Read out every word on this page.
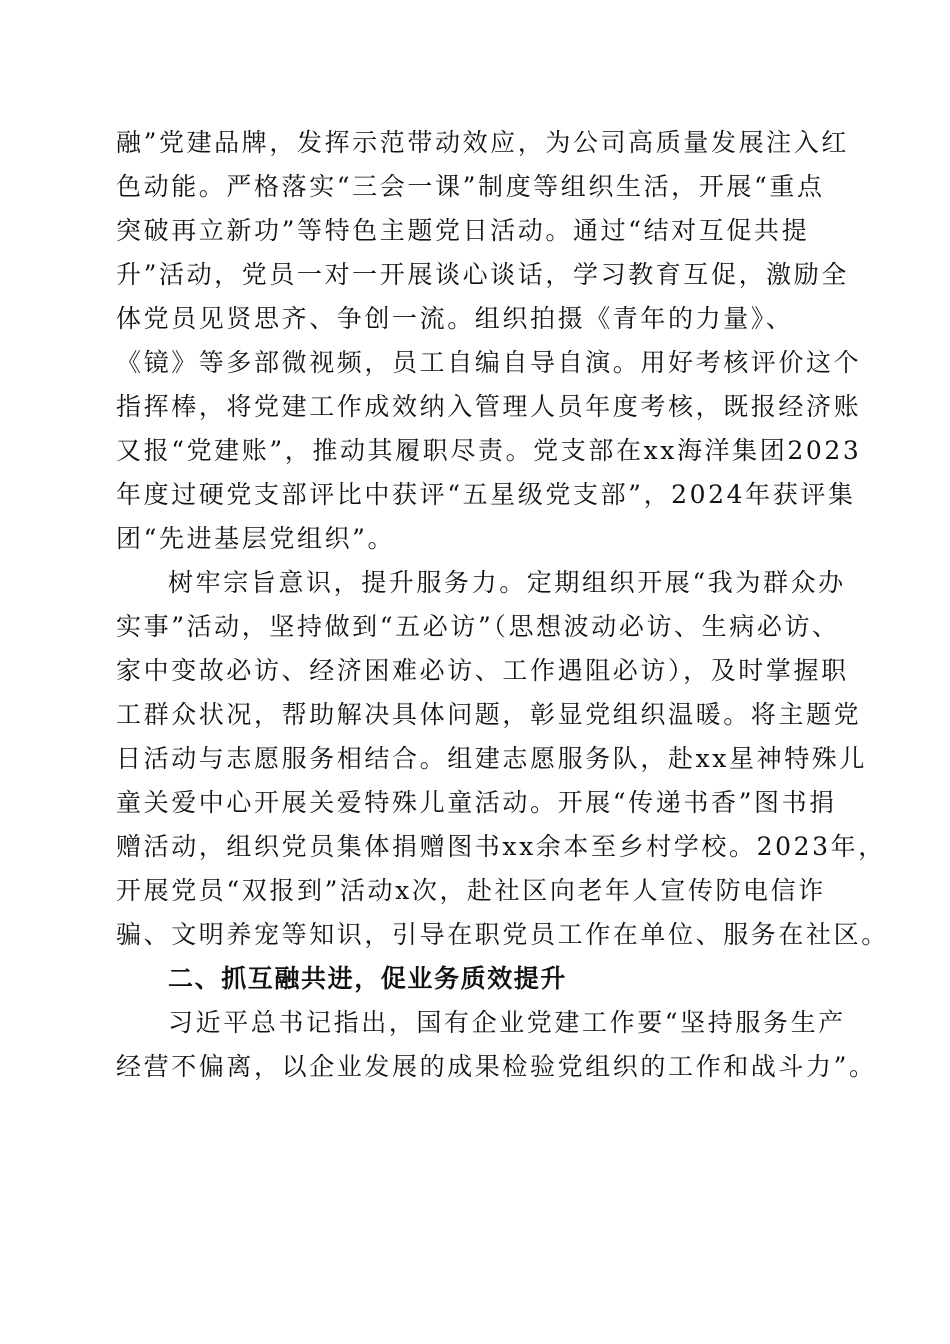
融”党建品牌，发挥示范带动效应，为公司高质量发展注入红
色动能。严格落实“三会一课”制度等组织生活，开展“重点
突破再立新功”等特色主题党日活动。通过“结对互促共提
升”活动，党员一对一开展谈心谈话，学习教育互促，激励全
体党员见贤思齐、争创一流。组织拍摄《青年的力量》、
《镜》等多部微视频，员工自编自导自演。用好考核评价这个
指挥棒，将党建工作成效纳入管理人员年度考核，既报经济账
又报“党建账”，推动其履职尽责。党支部在xx海洋集团2023
年度过硬党支部评比中获评“五星级党支部”，2024年获评集
团“先进基层党组织”。
树牢宗旨意识，提升服务力。定期组织开展“我为群众办
实事”活动，坚持做到“五必访”（思想波动必访、生病必访、
家中变故必访、经济困难必访、工作遇阻必访），及时掌握职
工群众状况，帮助解决具体问题，彰显党组织温暖。将主题党
日活动与志愿服务相结合。组建志愿服务队，赴xx星神特殊儿
童关爱中心开展关爱特殊儿童活动。开展“传递书香”图书捐
赠活动，组织党员集体捐赠图书xx余本至乡村学校。2023年，
开展党员“双报到”活动x次，赴社区向老年人宣传防电信诈
骗、文明养宠等知识，引导在职党员工作在单位、服务在社区。
二、抓互融共进，促业务质效提升
习近平总书记指出，国有企业党建工作要“坚持服务生产
经营不偏离，以企业发展的成果检验党组织的工作和战斗力”。
